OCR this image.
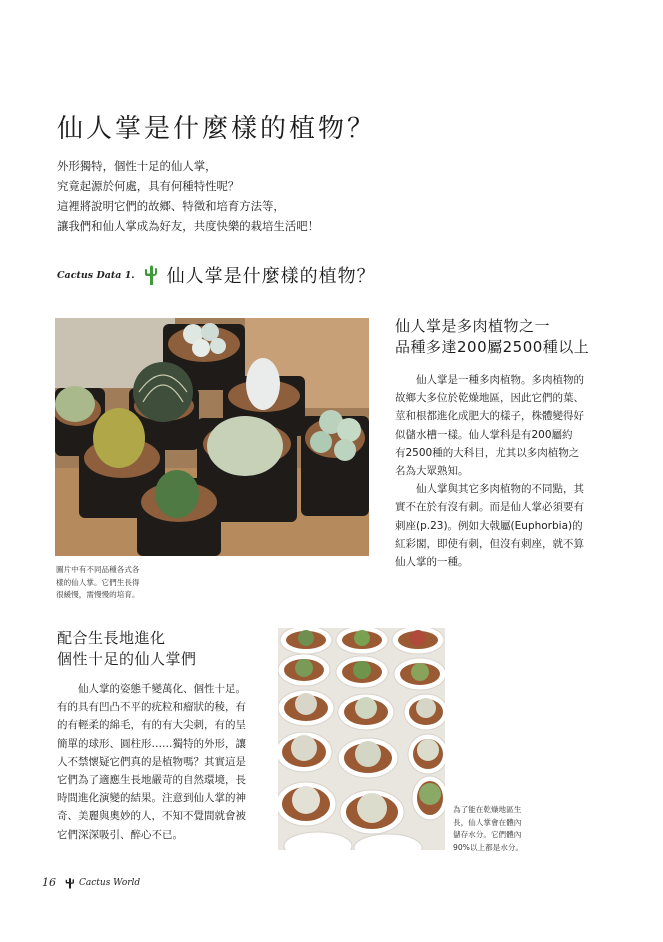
仙人掌是什麼樣的植物？
外形獨特，個性十足的仙人掌，
究竟起源於何處，具有何種特性呢？
這裡將說明它們的故鄉、特徵和培育方法等，
讓我們和仙人掌成為好友，共度快樂的栽培生活吧！
Cactus Data 1. 仙人掌是什麼樣的植物？
圖片中有不同品種各式各
樣的仙人掌。它們生長得
很緩慢，需慢慢的培育。
仙人掌是多肉植物之一
品種多達200屬2500種以上
　　仙人掌是一種多肉植物。多肉植物的
故鄉大多位於乾燥地區，因此它們的葉、
莖和根都進化成肥大的樣子，株體變得好
似儲水槽一樣。仙人掌科是有200屬約
有2500種的大科目，尤其以多肉植物之
名為大眾熟知。
　　仙人掌與其它多肉植物的不同點，其
實不在於有沒有刺。而是仙人掌必須要有
刺座(p.23)。例如大戟屬(Euphorbia)的
紅彩閣，即使有刺，但沒有刺座，就不算
仙人掌的一種。
配合生長地進化
個性十足的仙人掌們
　　仙人掌的姿態千變萬化、個性十足。
有的具有凹凸不平的疣粒和瘤狀的稜，有
的有輕柔的綿毛，有的有大尖刺，有的呈
簡單的球形、圓柱形……獨特的外形，讓
人不禁懷疑它們真的是植物嗎？其實這是
它們為了適應生長地嚴苛的自然環境，長
時間進化演變的結果。注意到仙人掌的神
奇、美麗與奧妙的人，不知不覺間就會被
它們深深吸引、醉心不已。
為了能在乾燥地區生
長，仙人掌會在體內
儲存水分。它們體內
90%以上都是水分。
16	Cactus World
